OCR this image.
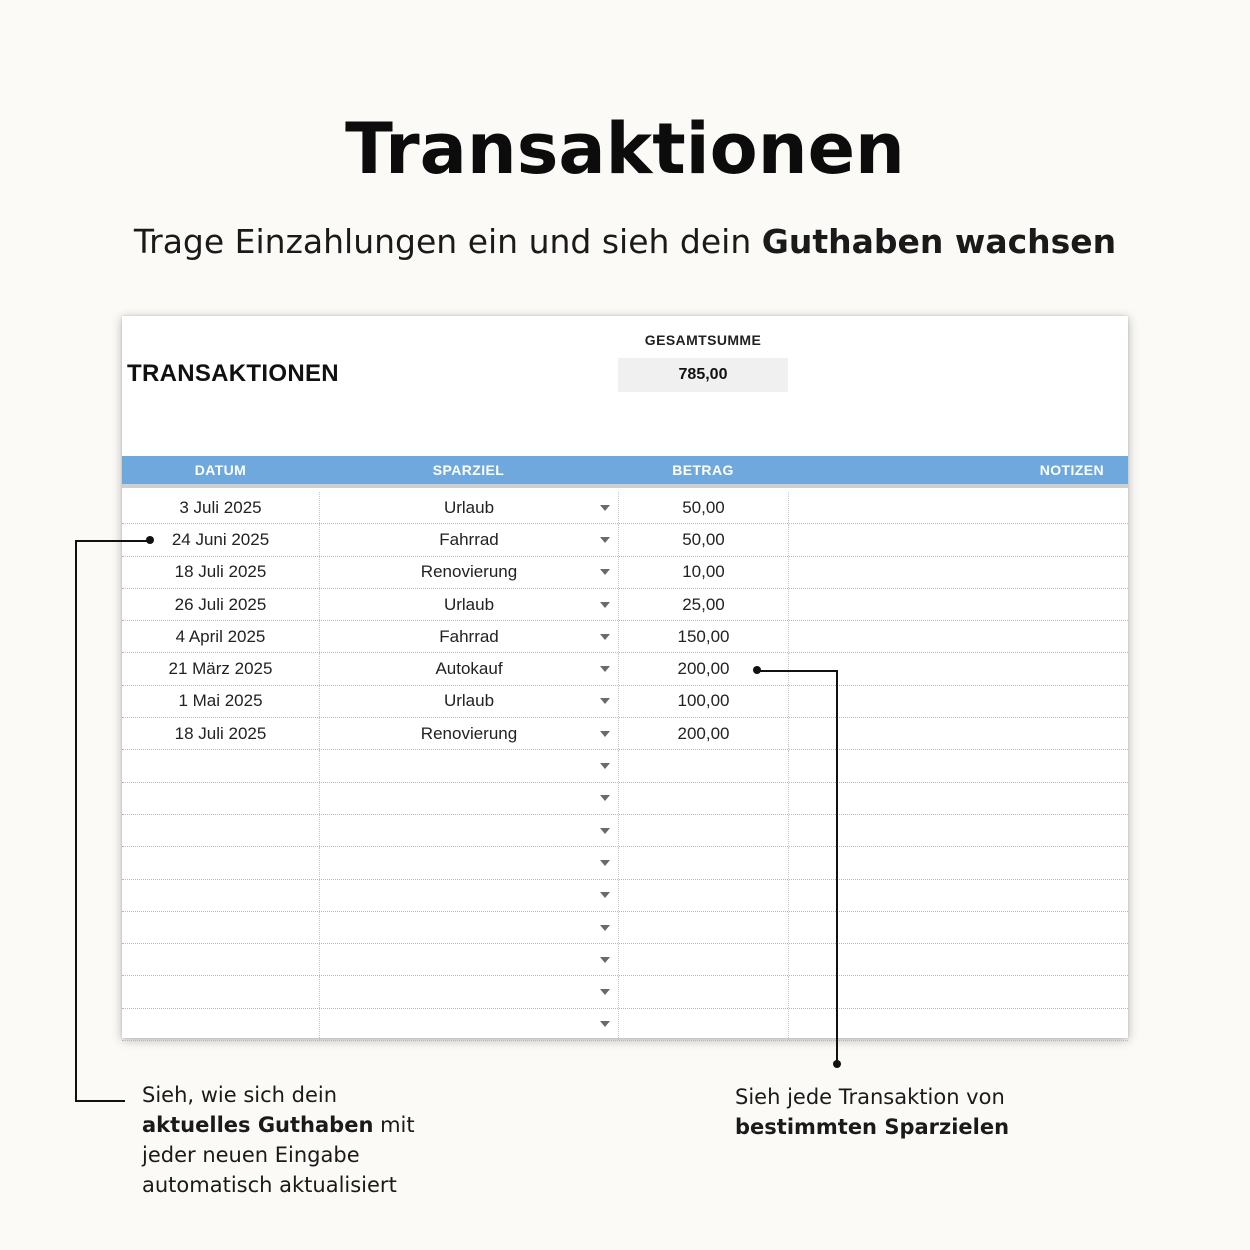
Transaktionen
Trage Einzahlungen ein und sieh dein Guthaben wachsen
TRANSAKTIONEN
GESAMTSUMME
785,00
DATUM	SPARZIEL	BETRAG	NOTIZEN
3 Juli 2025	Urlaub	50,00
24 Juni 2025	Fahrrad	50,00
18 Juli 2025	Renovierung	10,00
26 Juli 2025	Urlaub	25,00
4 April 2025	Fahrrad	150,00
21 März 2025	Autokauf	200,00
1 Mai 2025	Urlaub	100,00
18 Juli 2025	Renovierung	200,00
Sieh, wie sich dein
aktuelles Guthaben mit
jeder neuen Eingabe
automatisch aktualisiert
Sieh jede Transaktion von
bestimmten Sparzielen
